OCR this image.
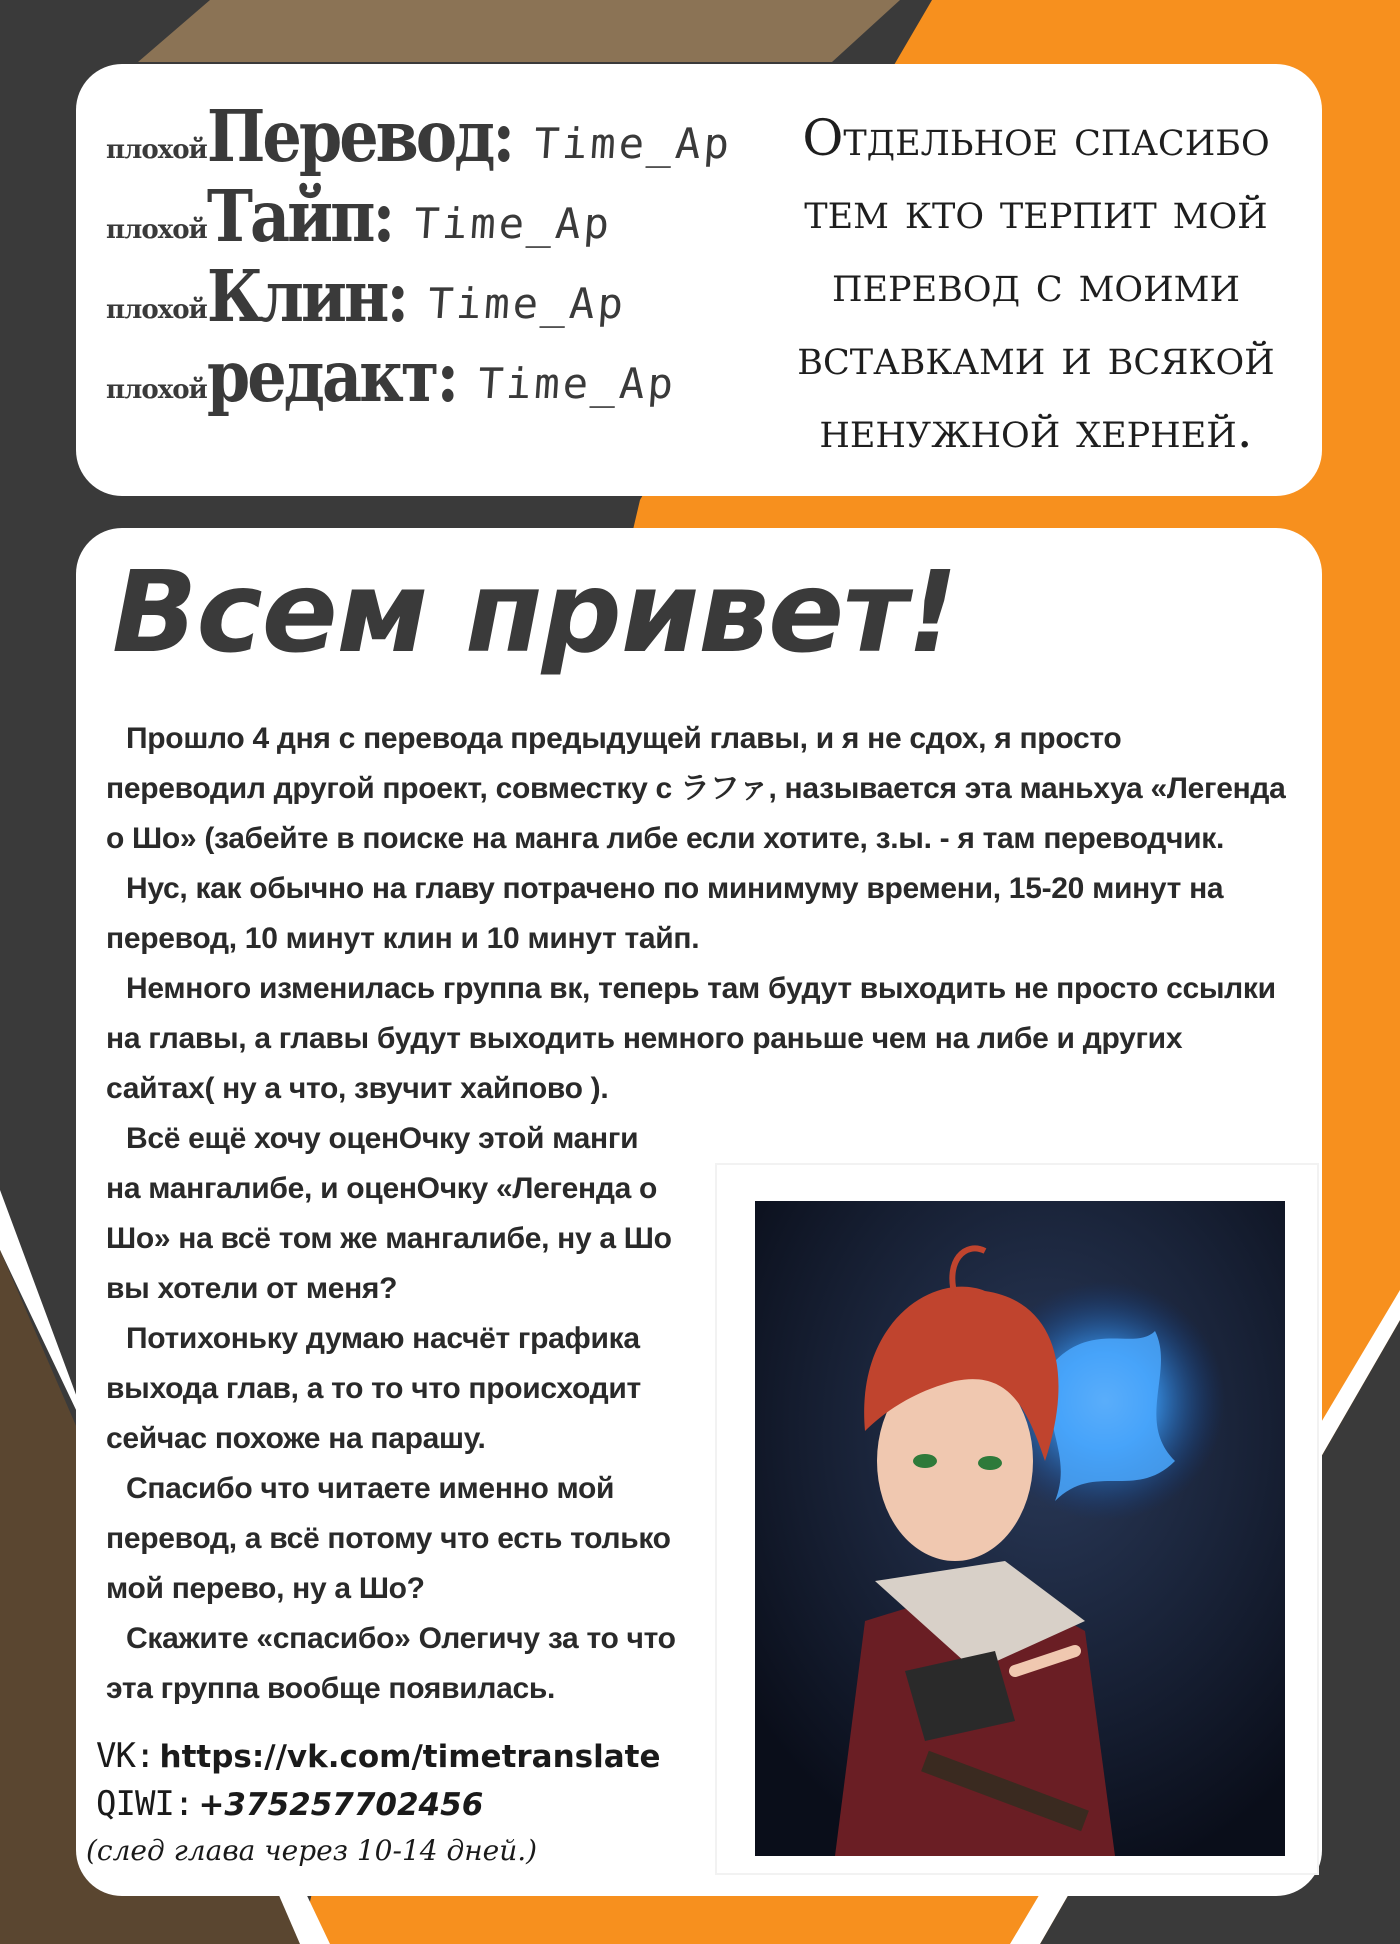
плохой Перевод: Time_Ap
плохой Тайп: Time_Ap
плохой Клин: Time_Ap
плохой редакт: Time_Ap
Отдельное спасибо тем кто терпит мой перевод с моими вставками и всякой ненужной херней.
Всем привет!
Прошло 4 дня с перевода предыдущей главы, и я не сдох, я просто переводил другой проект, совместку с ラファ, называется эта маньхуа «Легенда о Шо» (забейте в поиске на манга либе если хотите, з.ы. - я там переводчик.
Нус, как обычно на главу потрачено по минимуму времени, 15-20 минут на перевод, 10 минут клин и 10 минут тайп.
Немного изменилась группа вк, теперь там будут выходить не просто ссылки на главы, а главы будут выходить немного раньше чем на либе и других сайтах( ну а что, звучит хайпово ).
Всё ещё хочу оценОчку этой манги на мангалибе, и оценОчку «Легенда о Шо» на всё том же мангалибе, ну а Шо вы хотели от меня?
Потихоньку думаю насчёт графика выхода глав, а то то что происходит сейчас похоже на парашу.
Спасибо что читаете именно мой перевод, а всё потому что есть только мой перево, ну а Шо?
Скажите «спасибо» Олегичу за то что эта группа вообще появилась.
VK: https://vk.com/timetranslate
QIWI: +375257702456
(след глава через 10-14 дней.)
